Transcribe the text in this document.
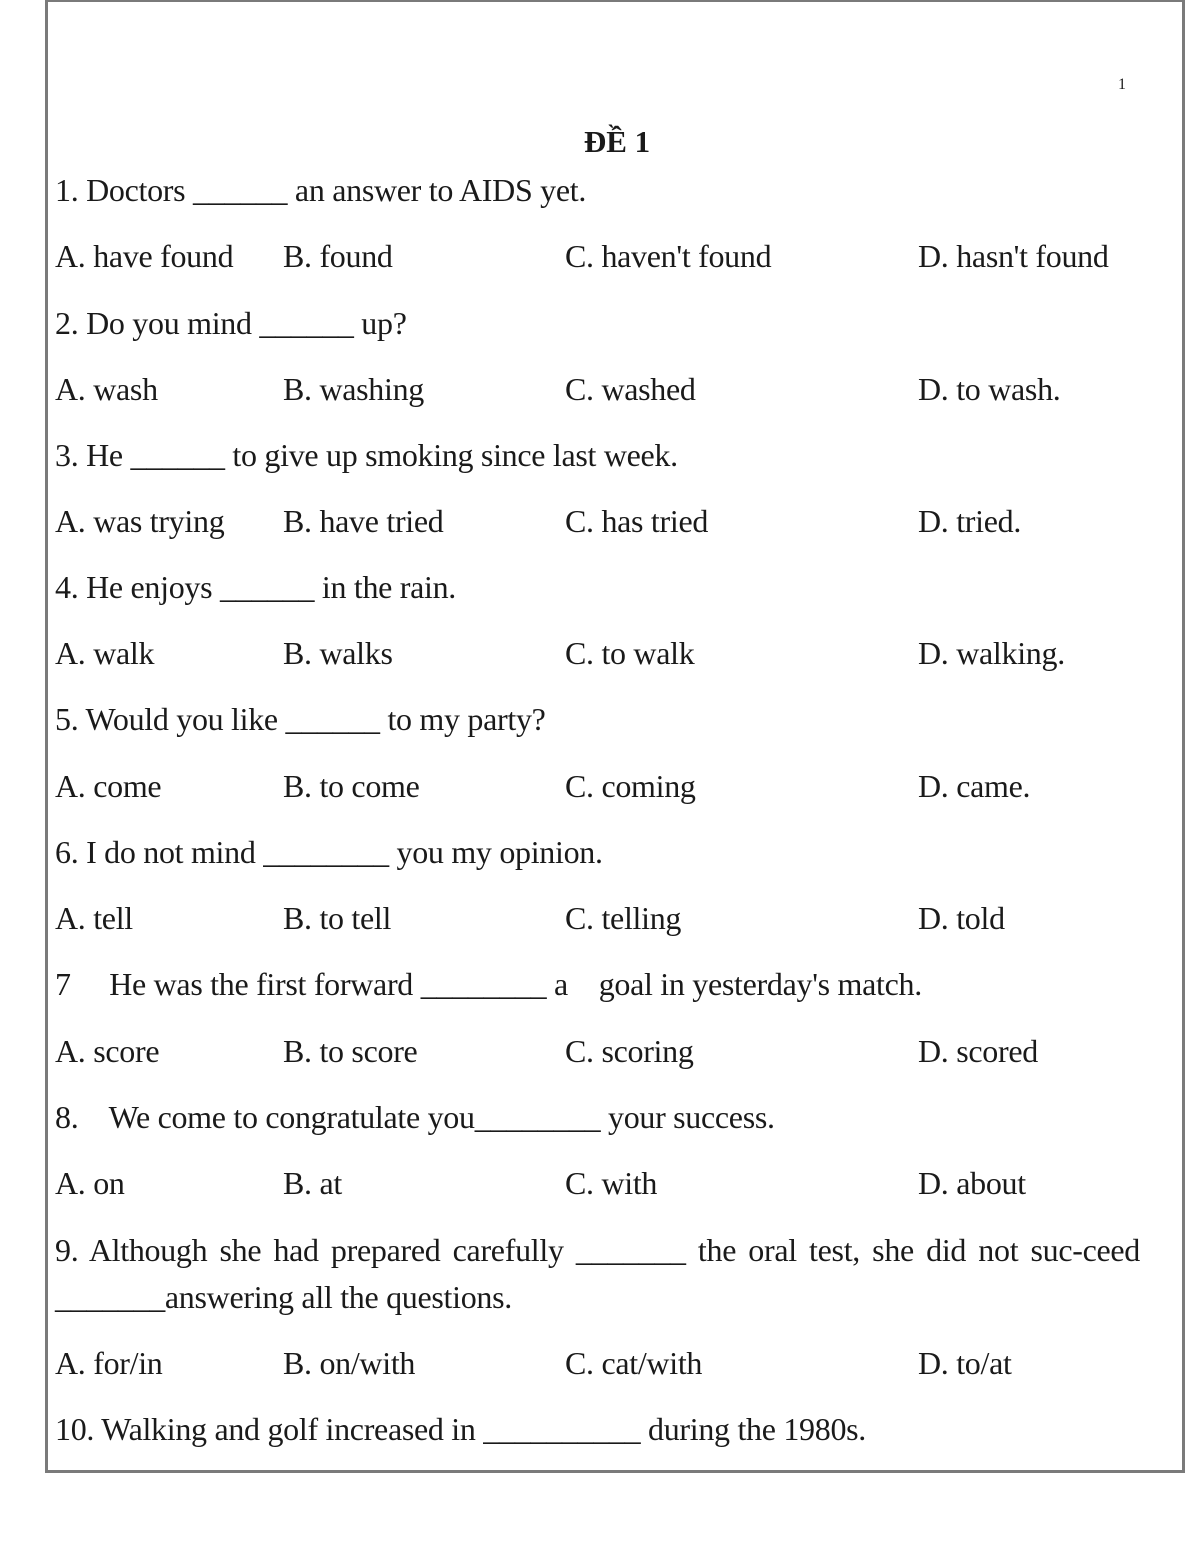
1
ĐỀ 1
1. Doctors ______ an answer to AIDS yet.
A. have found B. found	C. haven't found	D. hasn't found
2. Do you mind ______ up?
A. wash	B. washing	C. washed	D. to wash.
3. He ______ to give up smoking since last week.
A. was trying B. have tried	C. has tried	D. tried.
4. He enjoys ______ in the rain.
A. walk	B. walks	C. to walk	D. walking.
5. Would you like ______ to my party?
A. come	B. to come	C. coming	D. came.
6. I do not mind ________ you my opinion.
A. tell	B. to tell	C. telling	D. told
7     He was the first forward ________ a    goal in yesterday's match.
A. score	B. to score	C. scoring	D. scored
8.    We come to congratulate you________ your success.
A. on	B. at	C. with	D. about
9. Although she had prepared carefully _______ the oral test, she did not suc-ceed _______answering all the questions.
A. for/in	B. on/with	C. cat/with	D. to/at
10. Walking and golf increased in __________ during the 1980s.
